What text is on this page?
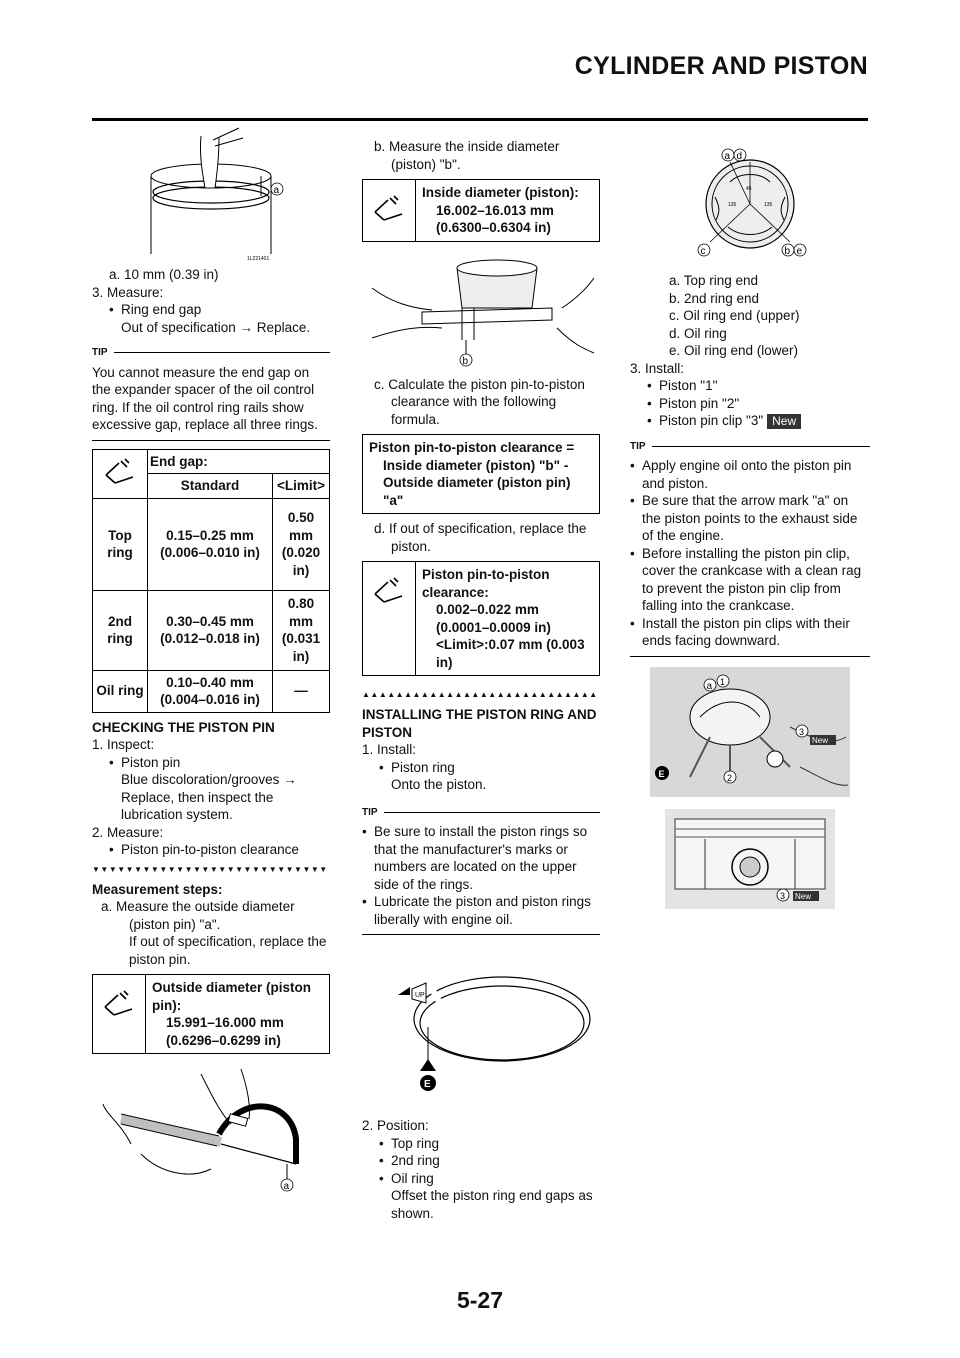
CYLINDER AND PISTON
a
1L221401

a. 10 mm (0.39 in)

3. Measure:

• Ring end gap

Out of specification → Replace.

TIP

You cannot measure the end gap on the expander spacer of the oil control ring. If the oil control ring rails show excessive gap, replace all three rings.

	End gap:	
	Standard	<Limit>
Top ring	0.15–0.25 mm (0.006–0.010 in)	0.50 mm (0.020 in)
2nd ring	0.30–0.45 mm (0.012–0.018 in)	0.80 mm (0.031 in)
Oil ring	0.10–0.40 mm (0.004–0.016 in)	—

CHECKING THE PISTON PIN

1. Inspect:

• Piston pin

Blue discoloration/grooves → Replace, then inspect the lubrication system.

2. Measure:

• Piston pin-to-piston clearance

▼▼▼▼▼▼▼▼▼▼▼▼▼▼▼▼▼▼▼▼▼▼▼▼▼▼▼▼

Measurement steps:

a. Measure the outside diameter (piston pin) "a".

If out of specification, replace the piston pin.

Outside diameter (piston pin):
15.991–16.000 mm
(0.6296–0.6299 in)
a

b. Measure the inside diameter (piston) "b".

Inside diameter (piston):
16.002–16.013 mm
(0.6300–0.6304 in)
b

c. Calculate the piston pin-to-piston clearance with the following formula.

Piston pin-to-piston clearance =
Inside diameter (piston) "b" - Outside diameter (piston pin) "a"

d. If out of specification, replace the piston.

Piston pin-to-piston clearance:
0.002–0.022 mm
(0.0001–0.0009 in)
<Limit>:0.07 mm (0.003 in)
▲▲▲▲▲▲▲▲▲▲▲▲▲▲▲▲▲▲▲▲▲▲▲▲▲▲▲▲

INSTALLING THE PISTON RING AND PISTON

1. Install:

• Piston ring

Onto the piston.

TIP

• Be sure to install the piston rings so that the manufacturer's marks or numbers are located on the upper side of the rings.

• Lubricate the piston and piston rings liberally with engine oil.

UP
E

2. Position:

• Top ring

• 2nd ring

• Oil ring

Offset the piston ring end gaps as shown.

135
45
135
a d
c	b e

a. Top ring end

b. 2nd ring end

c. Oil ring end (upper)

d. Oil ring

e. Oil ring end (lower)

3. Install:

• Piston "1"

• Piston pin "2"

• Piston pin clip "3" New

TIP

• Apply engine oil onto the piston pin and piston.

• Be sure that the arrow mark "a" on the piston points to the exhaust side of the engine.

• Before installing the piston pin clip, cover the crankcase with a clean rag to prevent the piston pin clip from falling into the crankcase.

• Install the piston pin clips with their ends facing downward.

a 1
3
New
E	2
3 New
5-27
